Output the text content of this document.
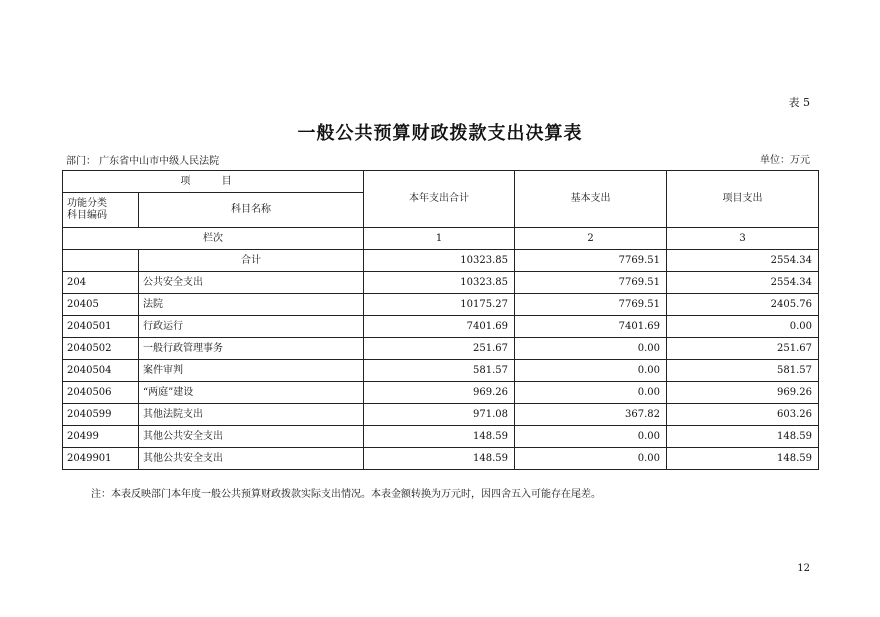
表 5
一般公共预算财政拨款支出决算表
部门： 广东省中山市中级人民法院	单位：万元
项 目		本年支出合计	基本支出	项目支出
功能分类
科目编码	科目名称			
栏次		1	2	3
	合计	10323.85	7769.51	2554.34
204	公共安全支出	10323.85	7769.51	2554.34
20405	法院	10175.27	7769.51	2405.76
2040501	行政运行	7401.69	7401.69	0.00
2040502	一般行政管理事务	251.67	0.00	251.67
2040504	案件审判	581.57	0.00	581.57
2040506	“两庭”建设	969.26	0.00	969.26
2040599	其他法院支出	971.08	367.82	603.26
20499	其他公共安全支出	148.59	0.00	148.59
2049901	其他公共安全支出	148.59	0.00	148.59
注：本表反映部门本年度一般公共预算财政拨款实际支出情况。本表金额转换为万元时，因四舍五入可能存在尾差。
12
